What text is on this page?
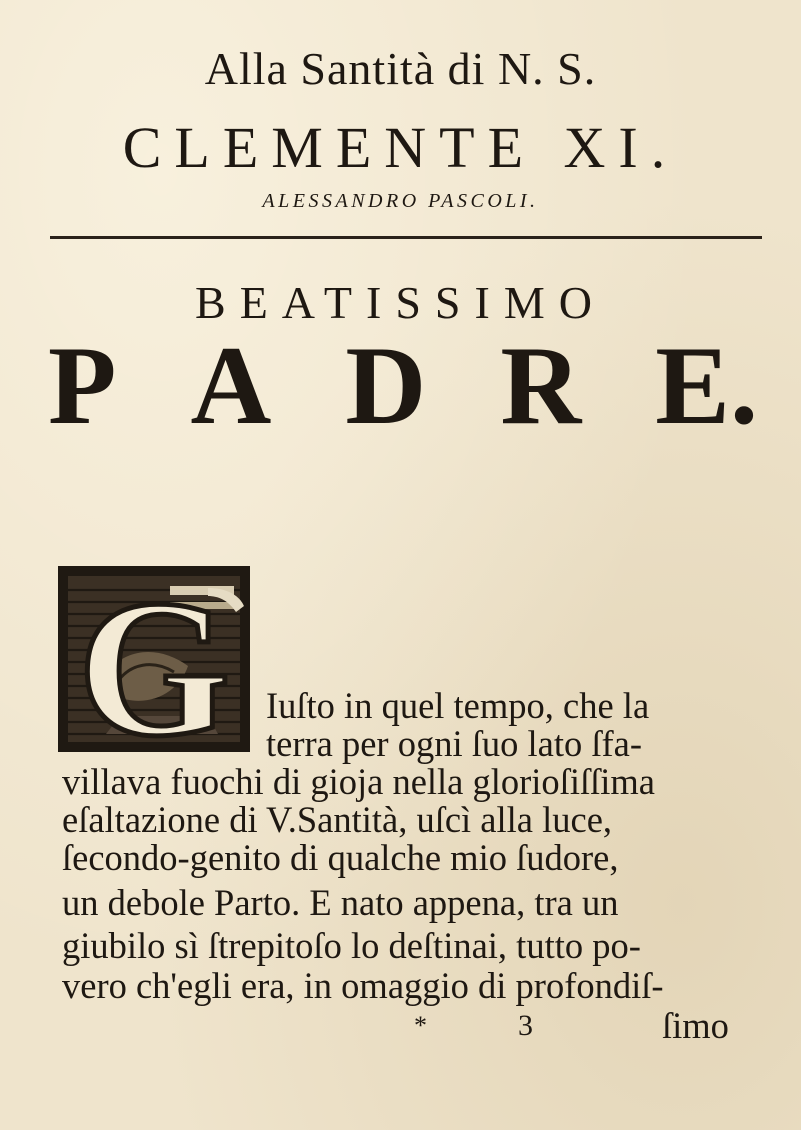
Alla Santità di N. S.
CLEMENTE XI.
ALESSANDRO PASCOLI.
BEATISSIMO
P A D R E.
G Iuſto in quel tempo, che la
terra per ogni ſuo lato ſfa-
villava fuochi di gioja nella glorioſiſſima
eſaltazione di V.Santità, uſcì alla luce,
ſecondo-genito di qualche mio ſudore,
un debole Parto. E nato appena, tra un
giubilo sì ſtrepitoſo lo deſtinai, tutto po-
vero ch'egli era, in omaggio di profondiſ-
*	3	ſimo
